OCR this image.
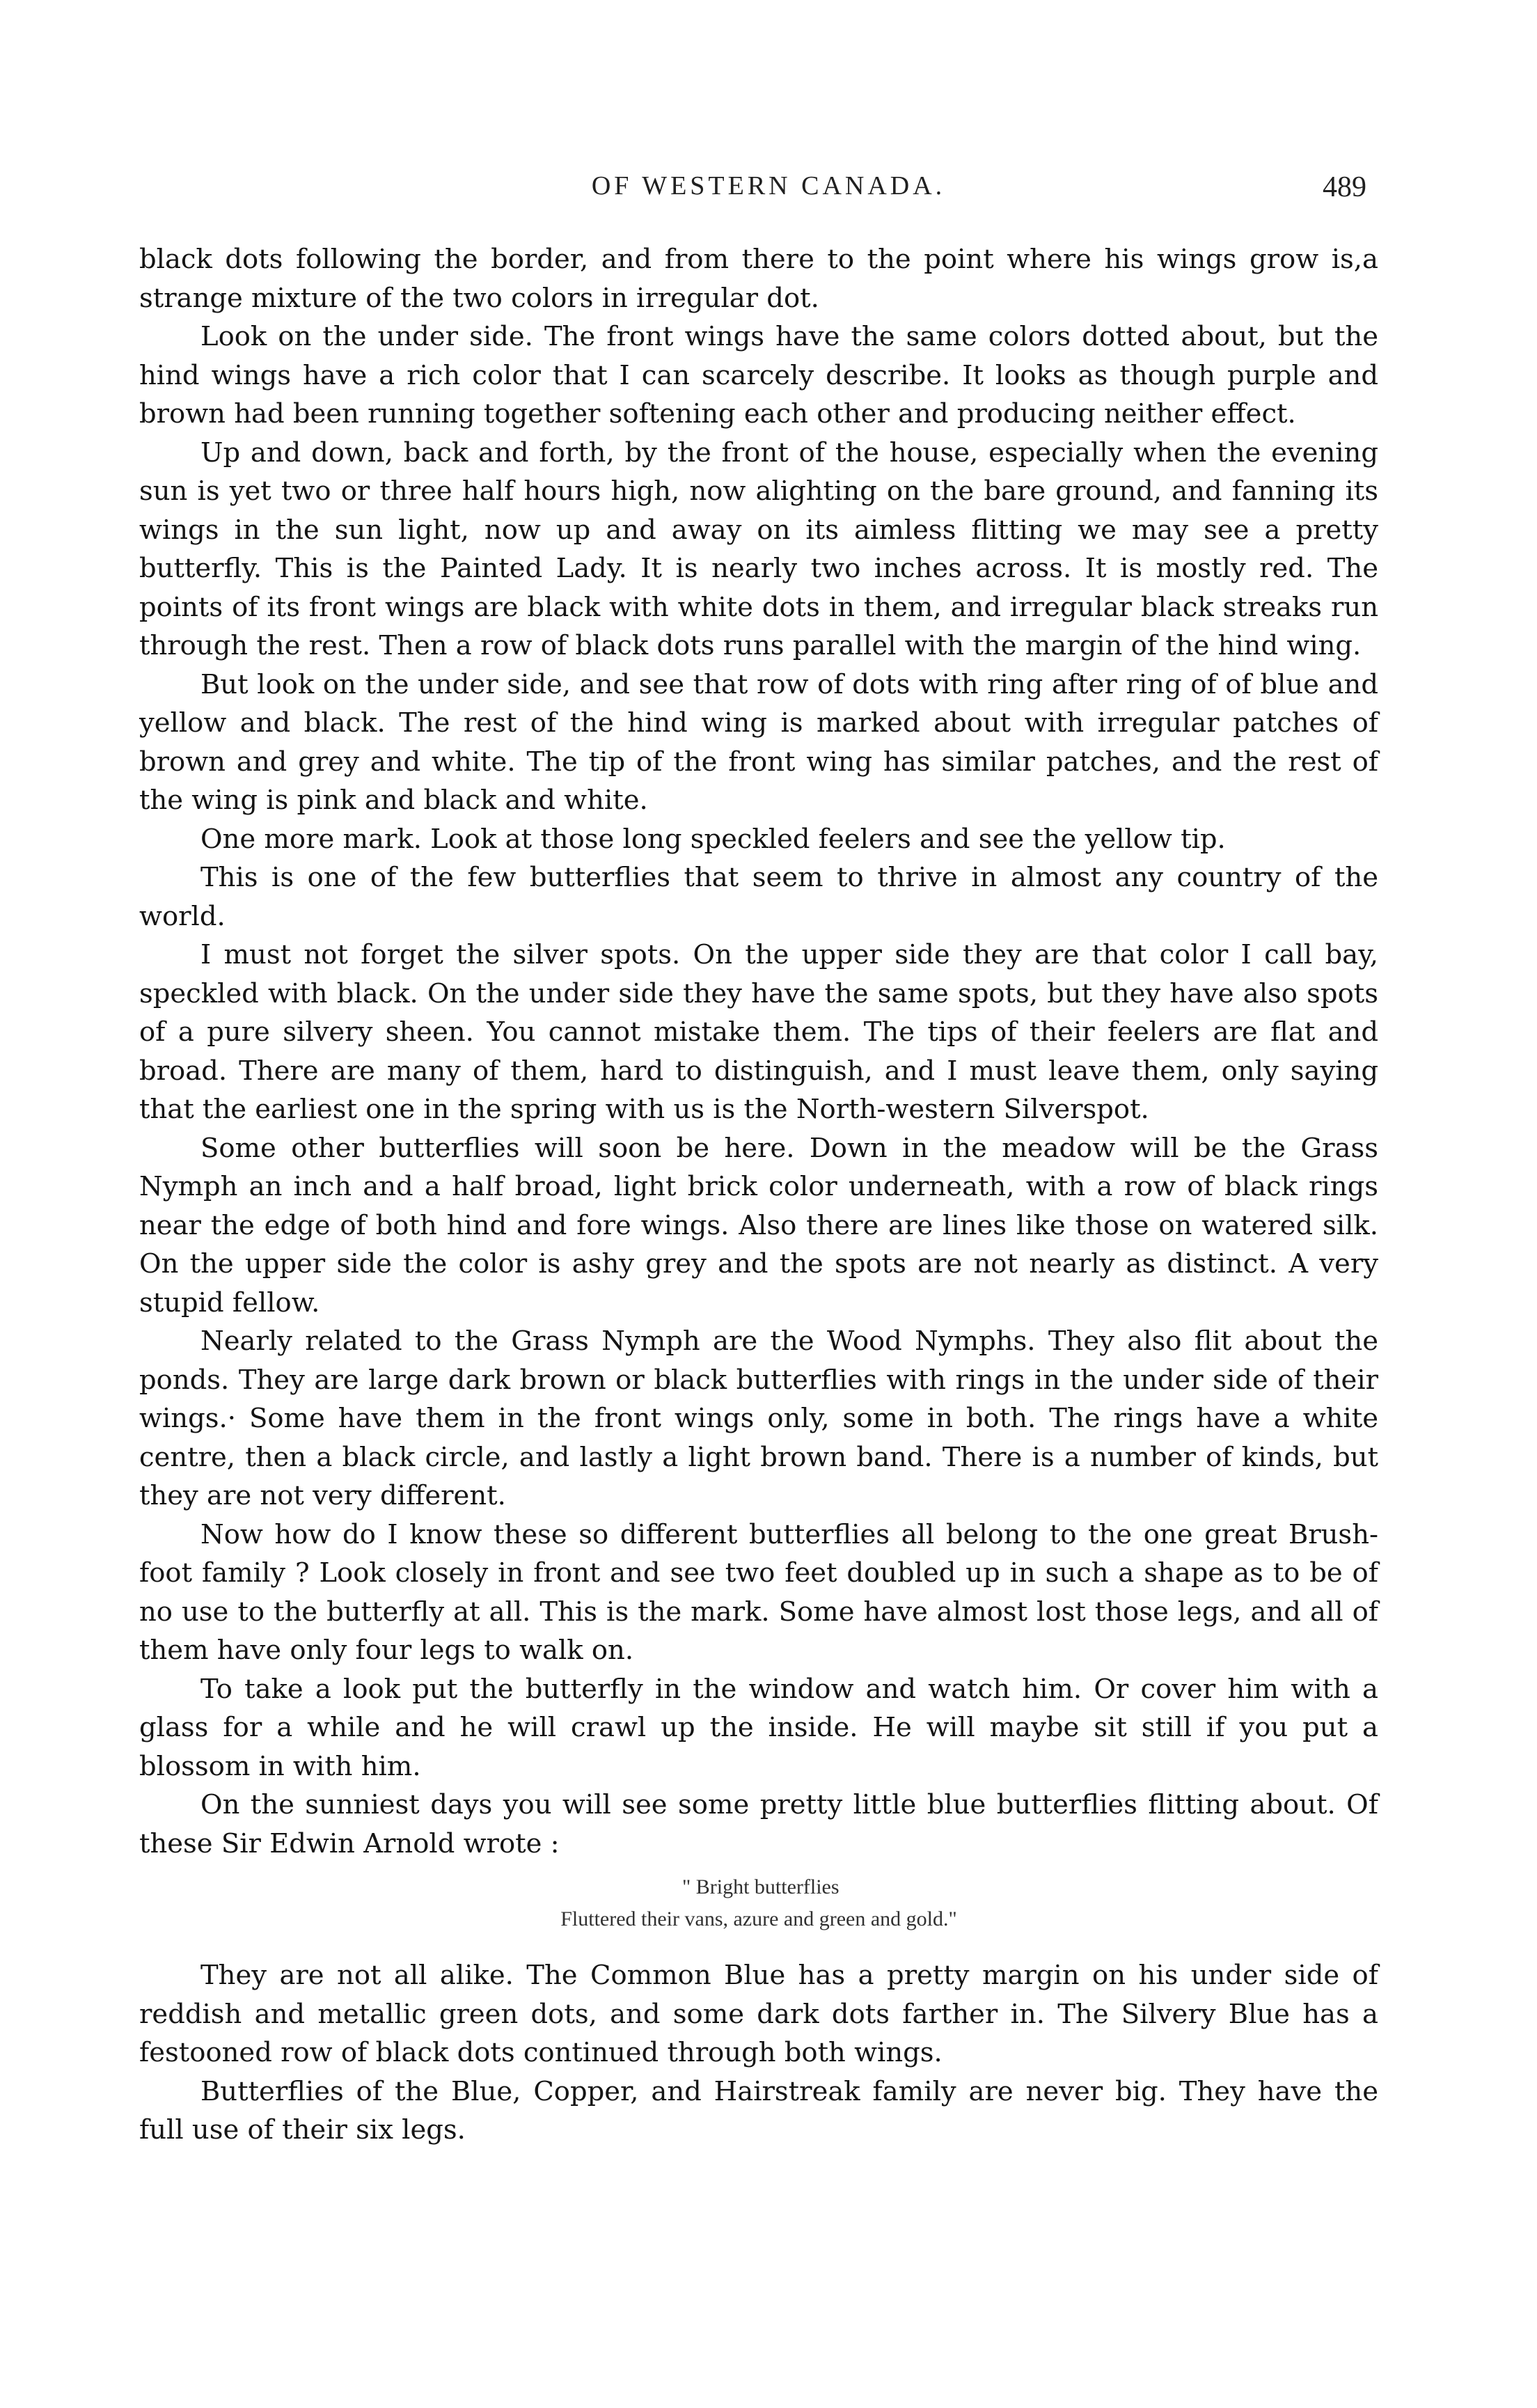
OF WESTERN CANADA.	489

black dots following the border, and from there to the point where his wings grow is,a strange mixture of the two colors in irregular dot.

Look on the under side. The front wings have the same colors dotted about, but the hind wings have a rich color that I can scarcely describe. It looks as though purple and brown had been running together softening each other and producing neither effect.

Up and down, back and forth, by the front of the house, especially when the evening sun is yet two or three half hours high, now alighting on the bare ground, and fanning its wings in the sun light, now up and away on its aimless flitting we may see a pretty butterfly. This is the Painted Lady. It is nearly two inches across. It is mostly red. The points of its front wings are black with white dots in them, and irregular black streaks run through the rest. Then a row of black dots runs parallel with the margin of the hind wing.

But look on the under side, and see that row of dots with ring after ring of of blue and yellow and black. The rest of the hind wing is marked about with irregular patches of brown and grey and white. The tip of the front wing has similar patches, and the rest of the wing is pink and black and white.

One more mark. Look at those long speckled feelers and see the yellow tip.

This is one of the few butterflies that seem to thrive in almost any country of the world.

I must not forget the silver spots. On the upper side they are that color I call bay, speckled with black. On the under side they have the same spots, but they have also spots of a pure silvery sheen. You cannot mistake them. The tips of their feelers are flat and broad. There are many of them, hard to distinguish, and I must leave them, only saying that the earliest one in the spring with us is the North-western Silverspot.

Some other butterflies will soon be here. Down in the meadow will be the Grass Nymph an inch and a half broad, light brick color underneath, with a row of black rings near the edge of both hind and fore wings. Also there are lines like those on watered silk. On the upper side the color is ashy grey and the spots are not nearly as distinct. A very stupid fellow.

Nearly related to the Grass Nymph are the Wood Nymphs. They also flit about the ponds. They are large dark brown or black butterflies with rings in the under side of their wings.· Some have them in the front wings only, some in both. The rings have a white centre, then a black circle, and lastly a light brown band. There is a number of kinds, but they are not very different.

Now how do I know these so different butterflies all belong to the one great Brush-foot family ? Look closely in front and see two feet doubled up in such a shape as to be of no use to the butterfly at all. This is the mark. Some have almost lost those legs, and all of them have only four legs to walk on.

To take a look put the butterfly in the window and watch him. Or cover him with a glass for a while and he will crawl up the inside. He will maybe sit still if you put a blossom in with him.

On the sunniest days you will see some pretty little blue butterflies flitting about. Of these Sir Edwin Arnold wrote :

" Bright butterflies
Fluttered their vans, azure and green and gold."

They are not all alike. The Common Blue has a pretty margin on his under side of reddish and metallic green dots, and some dark dots farther in. The Silvery Blue has a festooned row of black dots continued through both wings.

Butterflies of the Blue, Copper, and Hairstreak family are never big. They have the full use of their six legs.
